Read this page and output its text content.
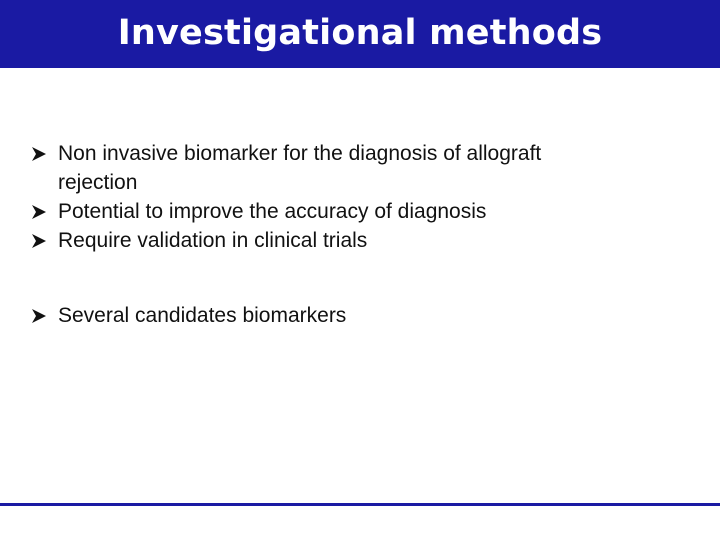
Investigational methods
Non invasive biomarker for the diagnosis of allograft rejection
Potential to improve the accuracy of diagnosis
Require validation in clinical trials
Several candidates biomarkers
